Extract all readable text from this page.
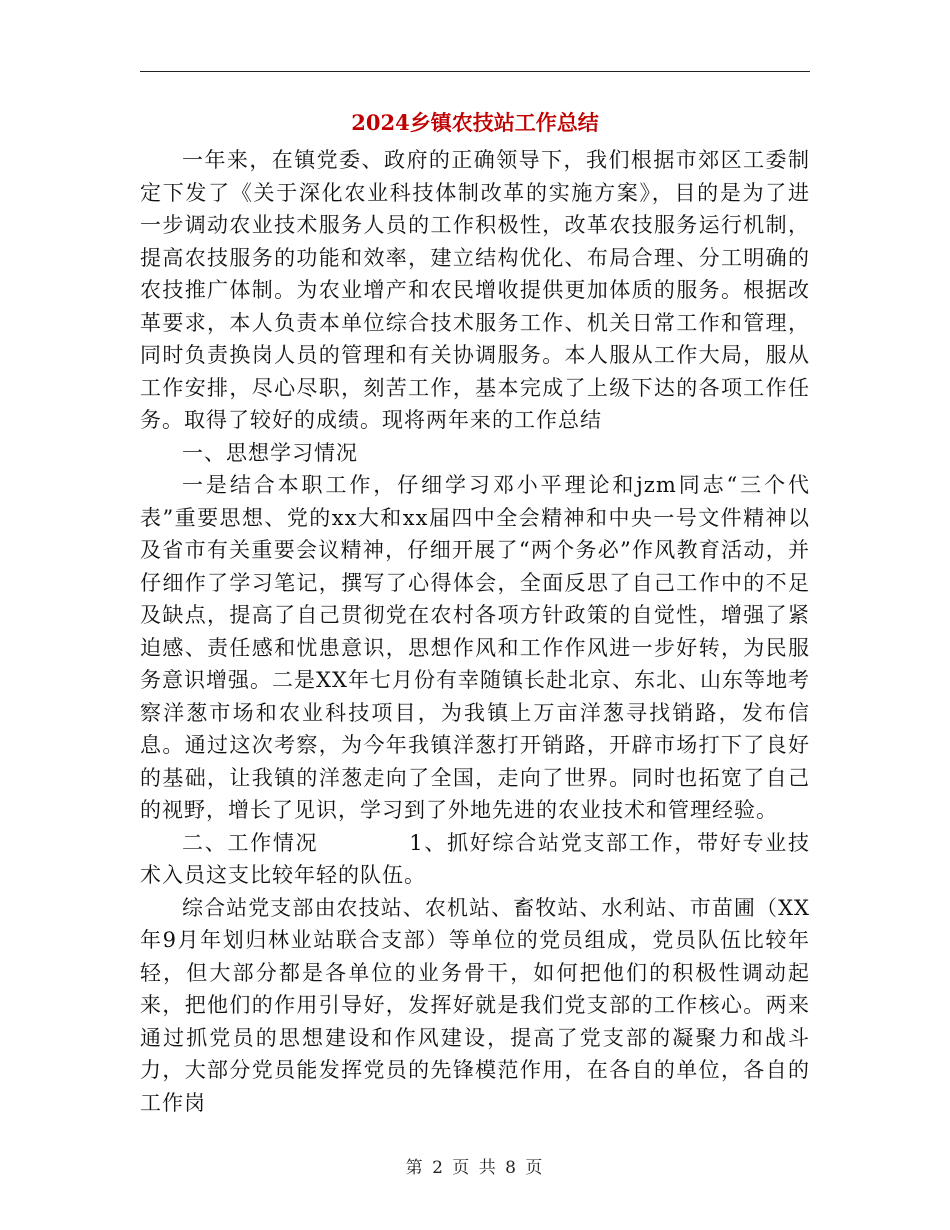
2024乡镇农技站工作总结

一年来，在镇党委、政府的正确领导下，我们根据市郊区工委制定下发了《关于深化农业科技体制改革的实施方案》，目的是为了进一步调动农业技术服务人员的工作积极性，改革农技服务运行机制，提高农技服务的功能和效率，建立结构优化、布局合理、分工明确的农技推广体制。为农业增产和农民增收提供更加体质的服务。根据改革要求，本人负责本单位综合技术服务工作、机关日常工作和管理，同时负责换岗人员的管理和有关协调服务。本人服从工作大局，服从工作安排，尽心尽职，刻苦工作，基本完成了上级下达的各项工作任务。取得了较好的成绩。现将两年来的工作总结

一、思想学习情况

一是结合本职工作，仔细学习邓小平理论和jzm同志“三个代表”重要思想、党的xx大和xx届四中全会精神和中央一号文件精神以及省市有关重要会议精神，仔细开展了“两个务必”作风教育活动，并仔细作了学习笔记，撰写了心得体会，全面反思了自己工作中的不足及缺点，提高了自己贯彻党在农村各项方针政策的自觉性，增强了紧迫感、责任感和忧患意识，思想作风和工作作风进一步好转，为民服务意识增强。二是XX年七月份有幸随镇长赴北京、东北、山东等地考察洋葱市场和农业科技项目，为我镇上万亩洋葱寻找销路，发布信息。通过这次考察，为今年我镇洋葱打开销路，开辟市场打下了良好的基础，让我镇的洋葱走向了全国，走向了世界。同时也拓宽了自己的视野，增长了见识，学习到了外地先进的农业技术和管理经验。

二、工作情况　　　　1、抓好综合站党支部工作，带好专业技术入员这支比较年轻的队伍。

综合站党支部由农技站、农机站、畜牧站、水利站、市苗圃（XX年9月年划归林业站联合支部）等单位的党员组成，党员队伍比较年轻，但大部分都是各单位的业务骨干，如何把他们的积极性调动起来，把他们的作用引导好，发挥好就是我们党支部的工作核心。两来通过抓党员的思想建设和作风建设，提高了党支部的凝聚力和战斗力，大部分党员能发挥党员的先锋模范作用，在各自的单位，各自的工作岗

第 2 页 共 8 页
